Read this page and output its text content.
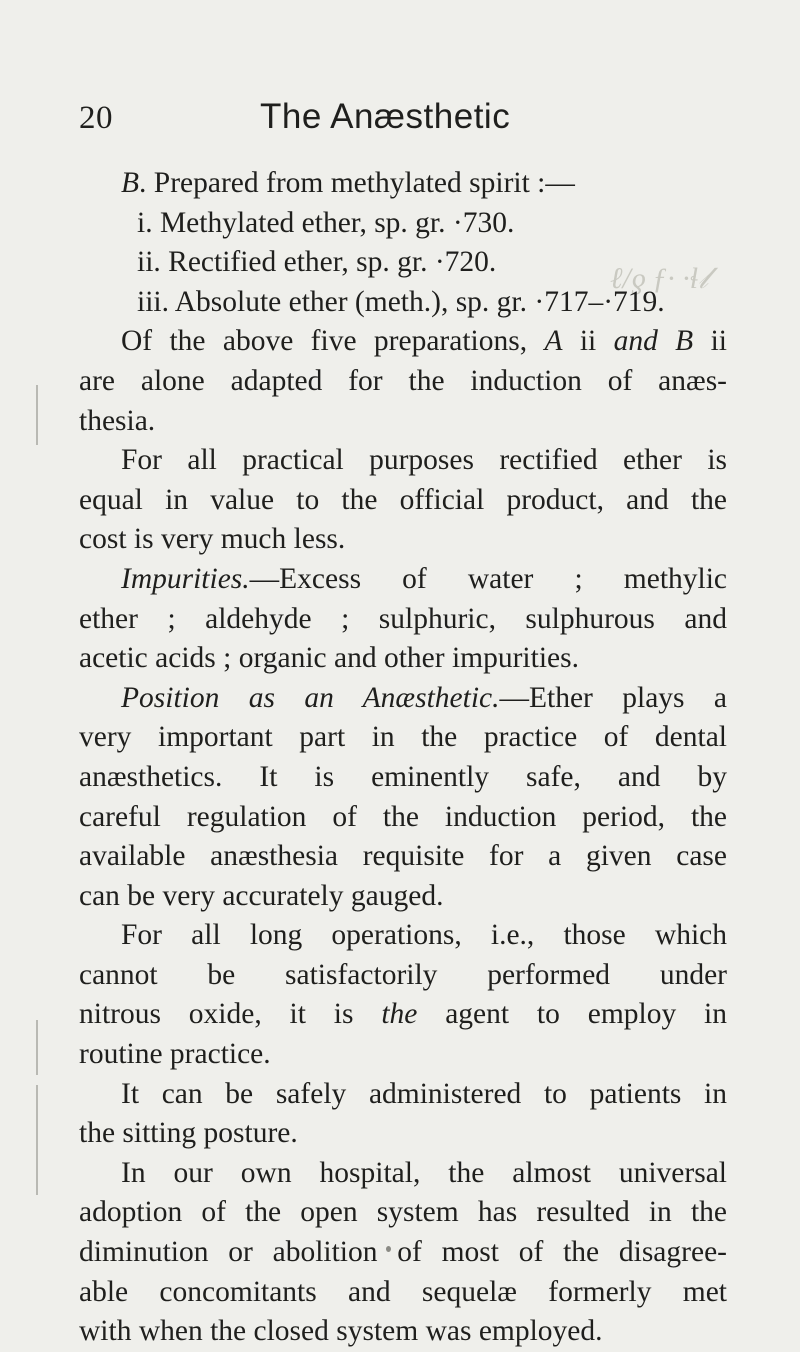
20	The Anæsthetic
ℓ/ƍ ƒ· ·ɬ𝓁
B. Prepared from methylated spirit :—
i. Methylated ether, sp. gr. ·730.
ii. Rectified ether, sp. gr. ·720.
iii. Absolute ether (meth.), sp. gr. ·717–·719.
Of the above five preparations, A ii and B ii
are alone adapted for the induction of anæs-
thesia.
For all practical purposes rectified ether is
equal in value to the official product, and the
cost is very much less.
Impurities.—Excess of water ; methylic
ether ; aldehyde ; sulphuric, sulphurous and
acetic acids ; organic and other impurities.
Position as an Anæsthetic.—Ether plays a
very important part in the practice of dental
anæsthetics. It is eminently safe, and by
careful regulation of the induction period, the
available anæsthesia requisite for a given case
can be very accurately gauged.
For all long operations, i.e., those which
cannot be satisfactorily performed under
nitrous oxide, it is the agent to employ in
routine practice.
It can be safely administered to patients in
the sitting posture.
In our own hospital, the almost universal
adoption of the open system has resulted in the
diminution or abolition of most of the disagree-
able concomitants and sequelæ formerly met
with when the closed system was employed.
